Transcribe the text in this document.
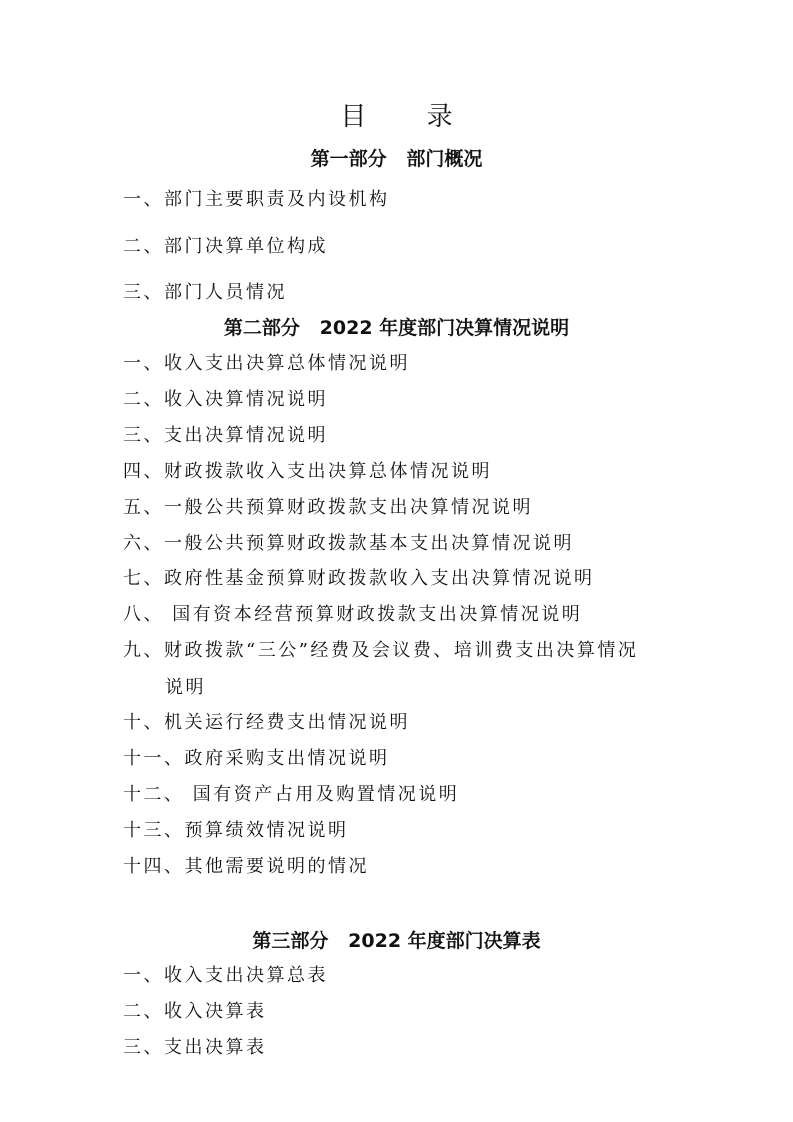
目 录
第一部分   部门概况
一、部门主要职责及内设机构
二、部门决算单位构成
三、部门人员情况
第二部分   2022 年度部门决算情况说明
一、收入支出决算总体情况说明
二、收入决算情况说明
三、支出决算情况说明
四、财政拨款收入支出决算总体情况说明
五、一般公共预算财政拨款支出决算情况说明
六、一般公共预算财政拨款基本支出决算情况说明
七、政府性基金预算财政拨款收入支出决算情况说明
八、 国有资本经营预算财政拨款支出决算情况说明
九、财政拨款“三公”经费及会议费、培训费支出决算情况
说明
十、机关运行经费支出情况说明
十一、政府采购支出情况说明
十二、 国有资产占用及购置情况说明
十三、预算绩效情况说明
十四、其他需要说明的情况
第三部分   2022 年度部门决算表
一、收入支出决算总表
二、收入决算表
三、支出决算表
